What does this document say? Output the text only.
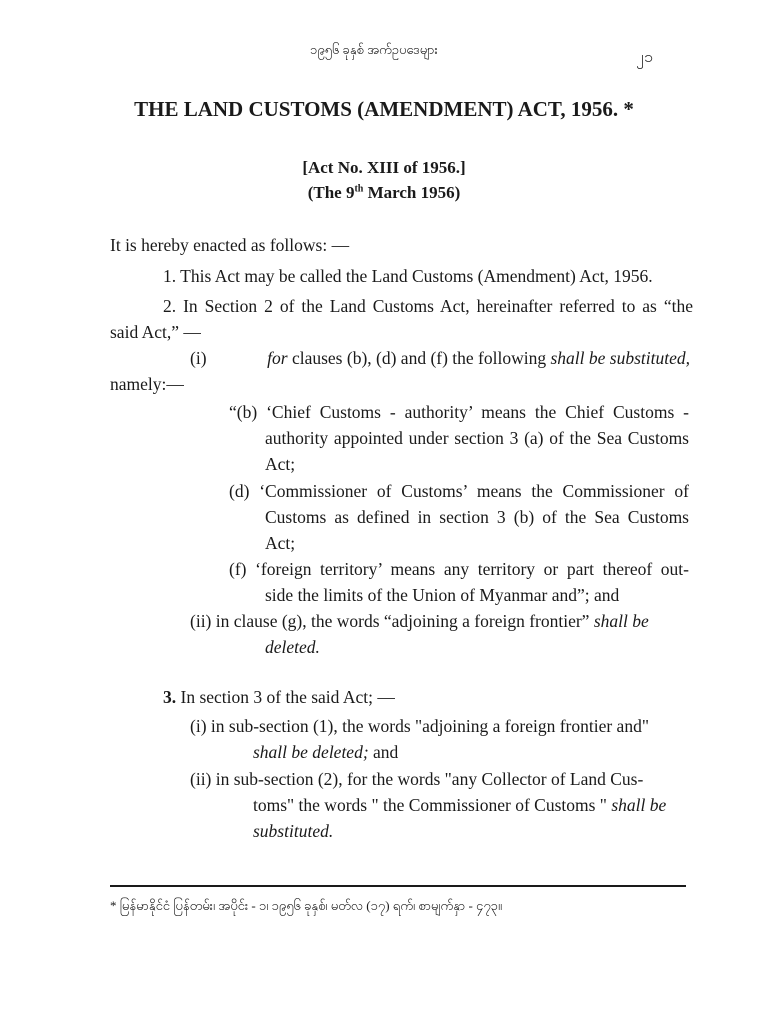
၁၉၅၆ ခုနှစ် အက်ဥပဒေများ	၂၁
THE LAND CUSTOMS (AMENDMENT) ACT, 1956. *
[Act No. XIII of 1956.]
(The 9th March 1956)
It is hereby enacted as follows: —
1. This Act may be called the Land Customs (Amendment) Act, 1956.
2. In Section 2 of the Land Customs Act, hereinafter referred to as “the
said Act,” —
(i)	for clauses (b), (d) and (f) the following shall be substituted,
namely:—
“(b) ‘Chief Customs - authority’ means the Chief Customs -
authority appointed under section 3 (a) of the Sea Customs
Act;
(d) ‘Commissioner of Customs’ means the Commissioner of
Customs as defined in section 3 (b) of the Sea Customs
Act;
(f) ‘foreign territory’ means any territory or part thereof out-
side the limits of the Union of Myanmar and”; and
(ii) in clause (g), the words “adjoining a foreign frontier” shall be
deleted.
3. In section 3 of the said Act; —
(i) in sub-section (1), the words "adjoining a foreign frontier and"
shall be deleted; and
(ii) in sub-section (2), for the words "any Collector of Land Cus-
toms" the words " the Commissioner of Customs " shall be
substituted.
* မြန်မာနိုင်ငံ ပြန်တမ်း၊ အပိုင်း - ၁၊ ၁၉၅၆ ခုနှစ်၊ မတ်လ (၁၇) ရက်၊ စာမျက်နှာ - ၄၇၃။
